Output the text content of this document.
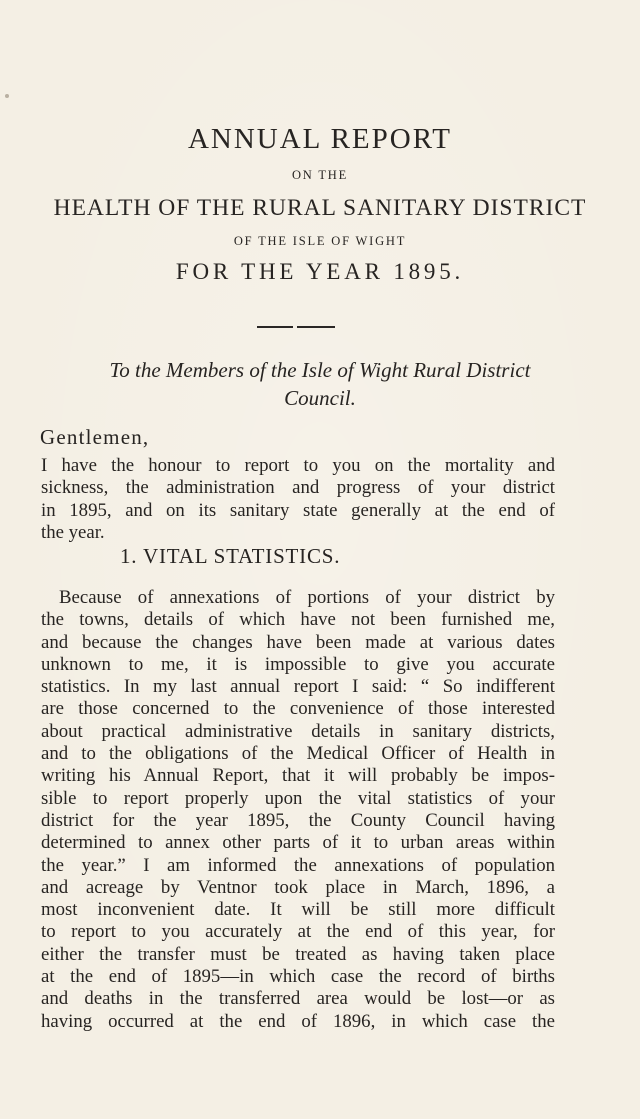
ANNUAL REPORT
ON THE
HEALTH OF THE RURAL SANITARY DISTRICT
OF THE ISLE OF WIGHT
FOR THE YEAR 1895.
To the Members of the Isle of Wight Rural District
Council.
Gentlemen,
I have the honour to report to you on the mortality and
sickness, the administration and progress of your district
in 1895, and on its sanitary state generally at the end of
the year.
1. VITAL STATISTICS.
Because of annexations of portions of your district by
the towns, details of which have not been furnished me,
and because the changes have been made at various dates
unknown to me, it is impossible to give you accurate
statistics. In my last annual report I said: “ So indifferent
are those concerned to the convenience of those interested
about practical administrative details in sanitary districts,
and to the obligations of the Medical Officer of Health in
writing his Annual Report, that it will probably be impos-
sible to report properly upon the vital statistics of your
district for the year 1895, the County Council having
determined to annex other parts of it to urban areas within
the year.” I am informed the annexations of population
and acreage by Ventnor took place in March, 1896, a
most inconvenient date. It will be still more difficult
to report to you accurately at the end of this year, for
either the transfer must be treated as having taken place
at the end of 1895—in which case the record of births
and deaths in the transferred area would be lost—or as
having occurred at the end of 1896, in which case the
